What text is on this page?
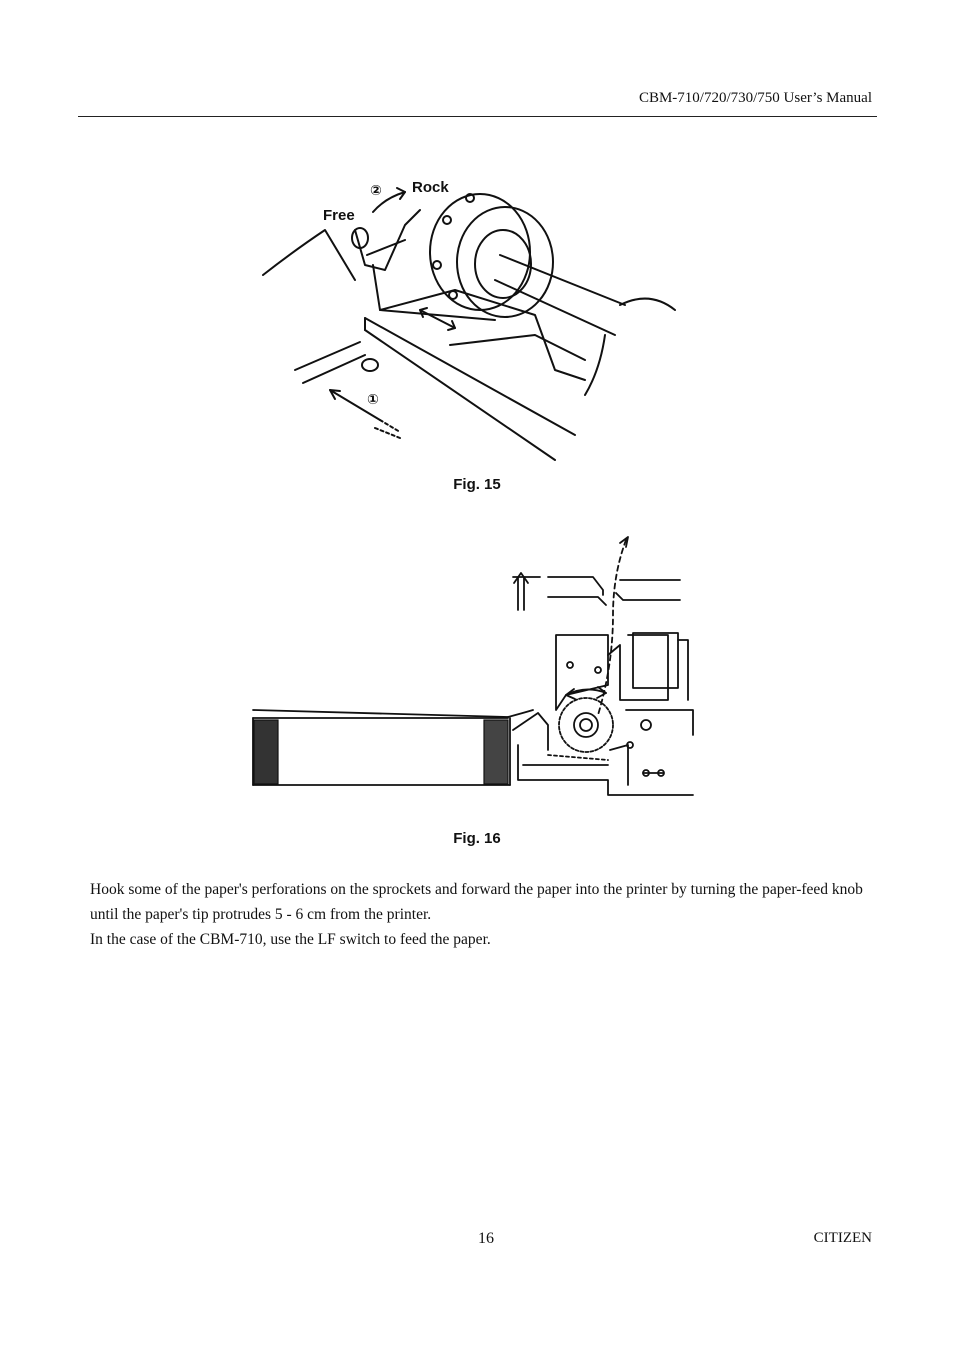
CBM-710/720/730/750 User’s Manual
Free
Rock
②
①
Fig. 15
Fig. 16

Hook some of the paper's perforations on the sprockets and forward the paper into the printer by turning the paper-feed knob until the paper's tip protrudes 5 - 6 cm from the printer.

In the case of the CBM-710, use the LF switch to feed the paper.

16	CITIZEN
